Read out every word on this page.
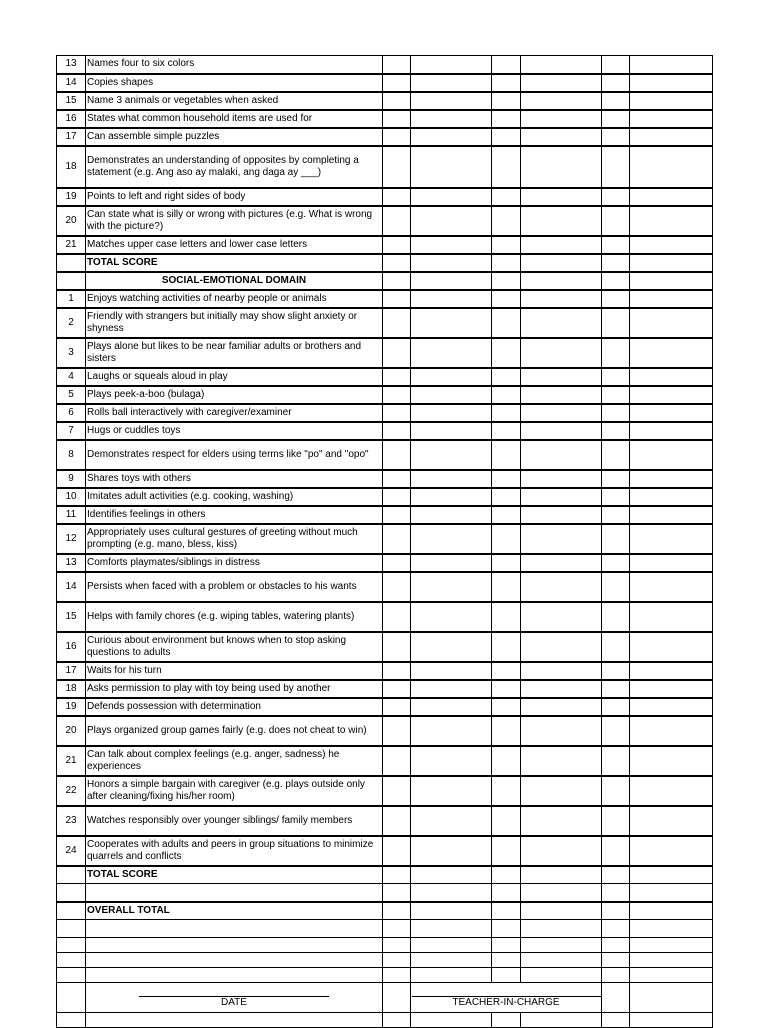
13	Names four to six colors						
14	Copies shapes						
15	Name 3 animals or vegetables when asked						
16	States what common household items are used for						
17	Can assemble simple puzzles						
18	Demonstrates an understanding of opposites by completing a statement (e.g. Ang aso ay malaki, ang daga ay ___)						
19	Points to left and right sides of body						
20	Can state what is silly or wrong with pictures (e.g. What is wrong with the picture?)						
21	Matches upper case letters and lower case letters						
	TOTAL SCORE						
	SOCIAL-EMOTIONAL DOMAIN						
1	Enjoys watching activities of nearby people or animals						
2	Friendly with strangers but initially may show slight anxiety or shyness						
3	Plays alone but likes to be near familiar adults or brothers and sisters						
4	Laughs or squeals aloud in play						
5	Plays peek-a-boo (bulaga)						
6	Rolls ball interactively with caregiver/examiner						
7	Hugs or cuddles toys						
8	Demonstrates respect for elders using terms like "po" and "opo"						
9	Shares toys with others						
10	Imitates adult activities (e.g. cooking, washing)						
11	Identifies feelings in others						
12	Appropriately uses cultural gestures of greeting without much prompting (e.g. mano, bless, kiss)						
13	Comforts playmates/siblings in distress						
14	Persists when faced with a problem or obstacles to his wants						
15	Helps with family chores (e.g. wiping tables, watering plants)						
16	Curious about environment but knows when to stop asking questions to adults						
17	Waits for his turn						
18	Asks permission to play with toy being used by another						
19	Defends possession with determination						
20	Plays organized group games fairly (e.g. does not cheat to win)						
21	Can talk about complex feelings (e.g. anger, sadness) he experiences						
22	Honors a simple bargain with caregiver (e.g. plays outside only after cleaning/fixing his/her room)						
23	Watches responsibly over younger siblings/ family members						
24	Cooperates with adults and peers in group situations to minimize quarrels and conflicts						
	TOTAL SCORE						

	OVERALL TOTAL						

	DATE		TEACHER-IN-CHARGE				
